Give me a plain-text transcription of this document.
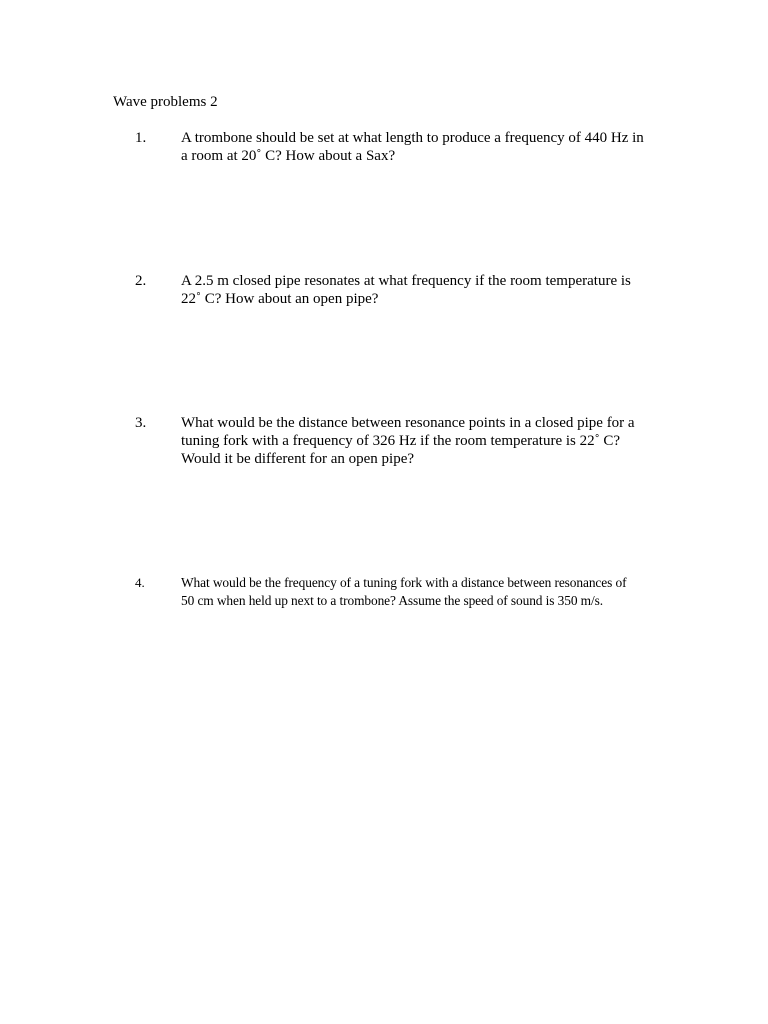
Wave problems 2
1. A trombone should be set at what length to produce a frequency of 440 Hz in
a room at 20˚ C? How about a Sax?
2. A 2.5 m closed pipe resonates at what frequency if the room temperature is
22˚ C? How about an open pipe?
3. What would be the distance between resonance points in a closed pipe for a
tuning fork with a frequency of 326 Hz if the room temperature is 22˚ C?
Would it be different for an open pipe?
4.	What would be the frequency of a tuning fork with a distance between resonances of
50 cm when held up next to a trombone? Assume the speed of sound is 350 m/s.
